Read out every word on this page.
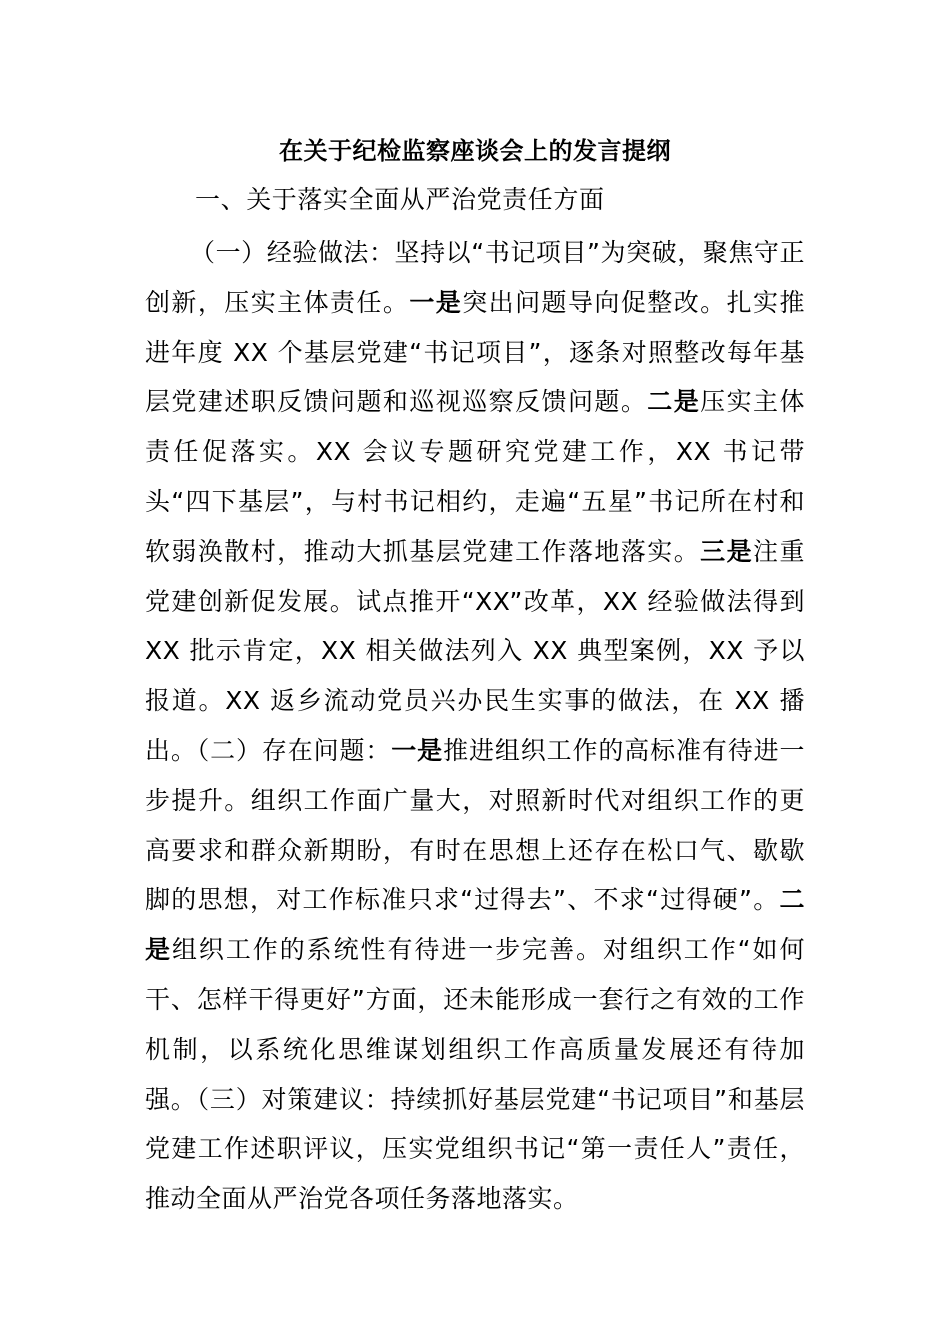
在关于纪检监察座谈会上的发言提纲
一、关于落实全面从严治党责任方面
（一）经验做法：坚持以“书记项目”为突破，聚焦守正创新，压实主体责任。一是突出问题导向促整改。扎实推进年度 XX 个基层党建“书记项目”，逐条对照整改每年基层党建述职反馈问题和巡视巡察反馈问题。二是压实主体责任促落实。XX 会议专题研究党建工作，XX 书记带头“四下基层”，与村书记相约，走遍“五星”书记所在村和软弱涣散村，推动大抓基层党建工作落地落实。三是注重党建创新促发展。试点推开“XX”改革，XX 经验做法得到 XX 批示肯定，XX 相关做法列入 XX 典型案例，XX 予以报道。XX 返乡流动党员兴办民生实事的做法，在 XX 播出。（二）存在问题：一是推进组织工作的高标准有待进一步提升。组织工作面广量大，对照新时代对组织工作的更高要求和群众新期盼，有时在思想上还存在松口气、歇歇脚的思想，对工作标准只求“过得去”、不求“过得硬”。二是组织工作的系统性有待进一步完善。对组织工作“如何干、怎样干得更好”方面，还未能形成一套行之有效的工作机制，以系统化思维谋划组织工作高质量发展还有待加强。（三）对策建议：持续抓好基层党建“书记项目”和基层党建工作述职评议，压实党组织书记“第一责任人”责任，推动全面从严治党各项任务落地落实。
